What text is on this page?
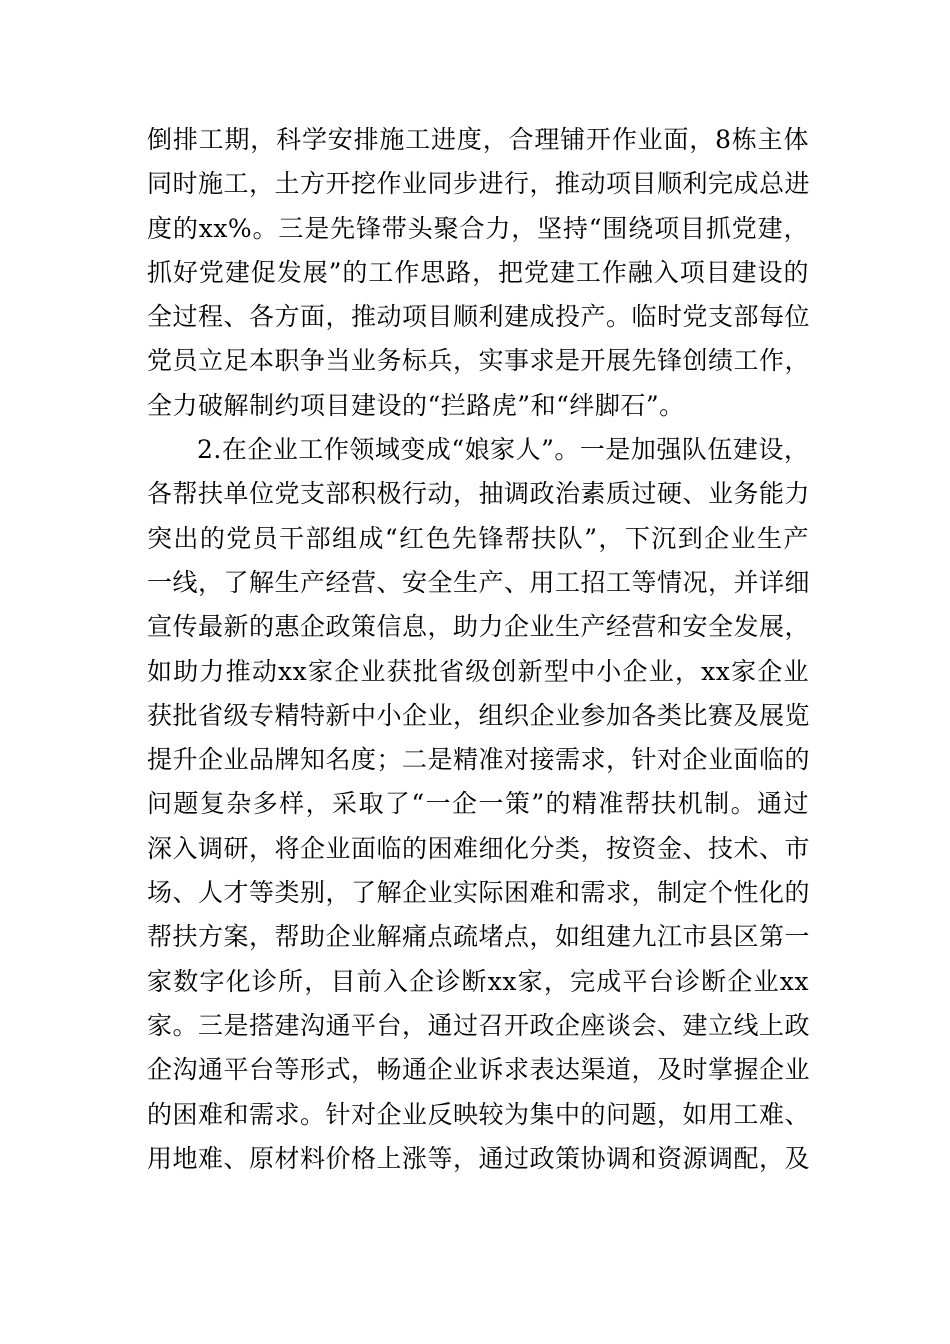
倒排工期，科学安排施工进度，合理铺开作业面，8栋主体
同时施工，土方开挖作业同步进行，推动项目顺利完成总进
度的xx%。三是先锋带头聚合力，坚持“围绕项目抓党建，
抓好党建促发展”的工作思路，把党建工作融入项目建设的
全过程、各方面，推动项目顺利建成投产。临时党支部每位
党员立足本职争当业务标兵，实事求是开展先锋创绩工作，
全力破解制约项目建设的“拦路虎”和“绊脚石”。
2.在企业工作领域变成“娘家人”。一是加强队伍建设，
各帮扶单位党支部积极行动，抽调政治素质过硬、业务能力
突出的党员干部组成“红色先锋帮扶队”，下沉到企业生产
一线，了解生产经营、安全生产、用工招工等情况，并详细
宣传最新的惠企政策信息，助力企业生产经营和安全发展，
如助力推动xx家企业获批省级创新型中小企业，xx家企业
获批省级专精特新中小企业，组织企业参加各类比赛及展览
提升企业品牌知名度；二是精准对接需求，针对企业面临的
问题复杂多样，采取了“一企一策”的精准帮扶机制。通过
深入调研，将企业面临的困难细化分类，按资金、技术、市
场、人才等类别，了解企业实际困难和需求，制定个性化的
帮扶方案，帮助企业解痛点疏堵点，如组建九江市县区第一
家数字化诊所，目前入企诊断xx家，完成平台诊断企业xx
家。三是搭建沟通平台，通过召开政企座谈会、建立线上政
企沟通平台等形式，畅通企业诉求表达渠道，及时掌握企业
的困难和需求。针对企业反映较为集中的问题，如用工难、
用地难、原材料价格上涨等，通过政策协调和资源调配，及
